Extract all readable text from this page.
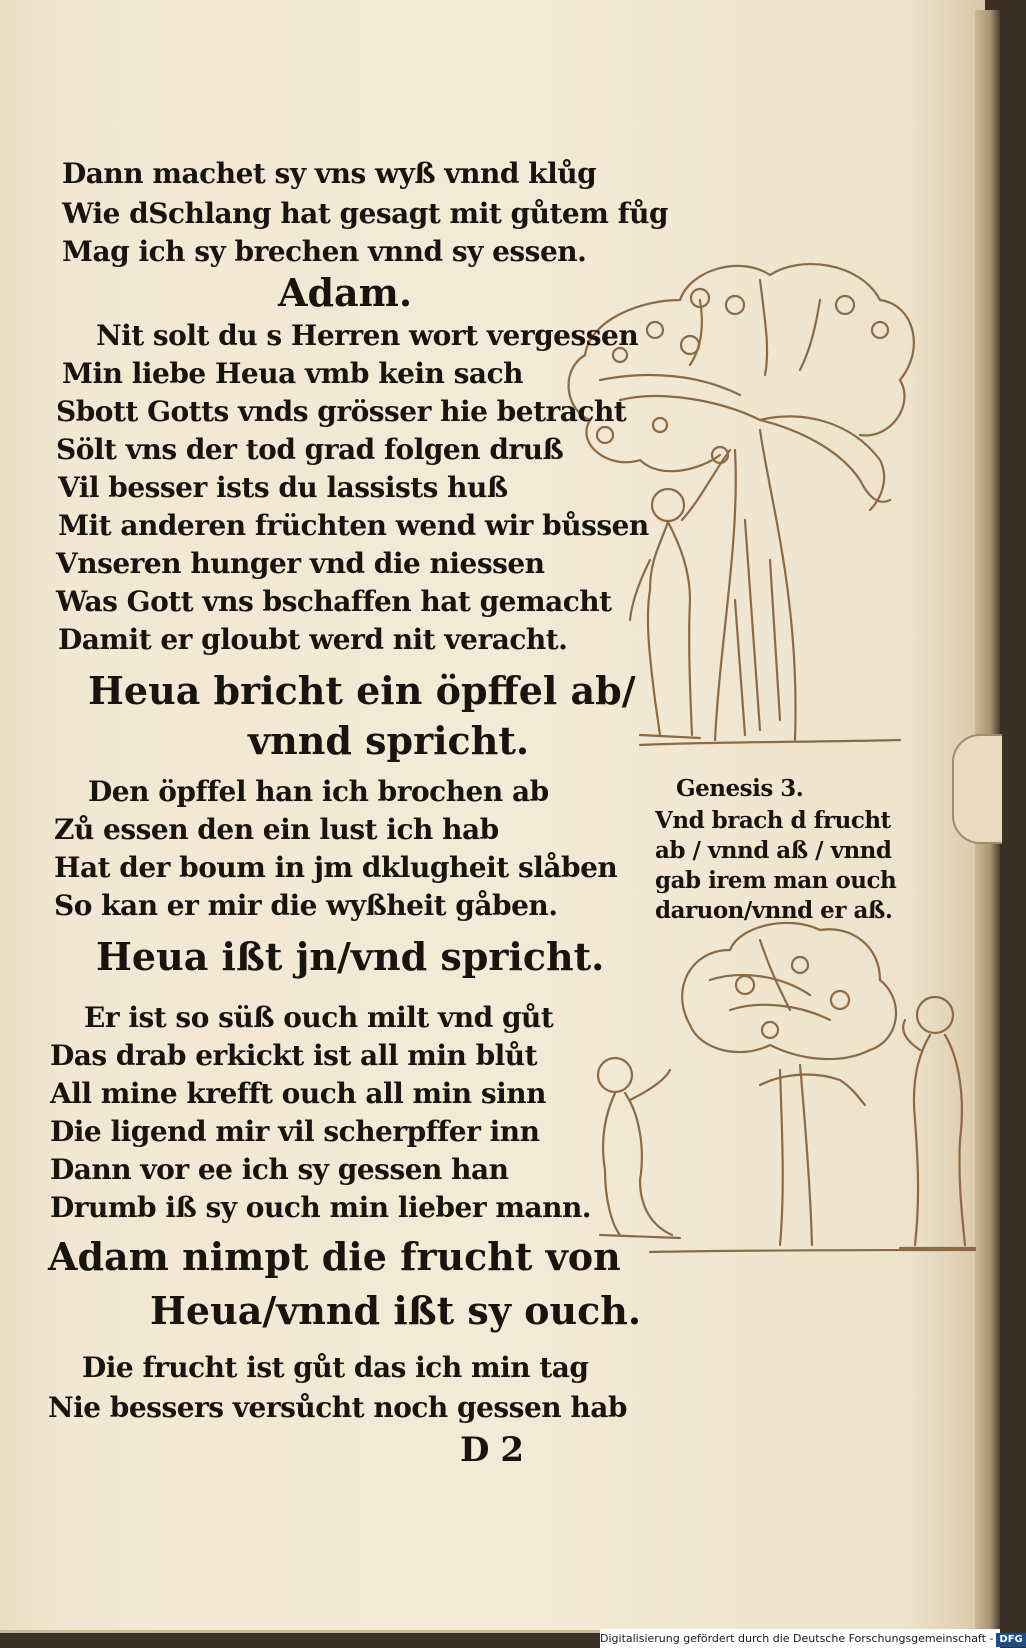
Dann machet sy vns wyß vnnd klůg
Wie dSchlang hat gesagt mit gůtem fůg
Mag ich sy brechen vnnd sy essen.
Adam.
Nit solt du s Herren wort vergessen
Min liebe Heua vmb kein sach
Sbott Gotts vnds grösser hie betracht
Sölt vns der tod grad folgen druß
Vil besser ists du lassists huß
Mit anderen früchten wend wir bůssen
Vnseren hunger vnd die niessen
Was Gott vns bschaffen hat gemacht
Damit er gloubt werd nit veracht.
Heua bricht ein öpffel ab/
vnnd spricht.
Den öpffel han ich brochen ab
Zů essen den ein lust ich hab
Hat der boum in jm dklugheit slåben
So kan er mir die wyßheit gåben.
Genesis 3.
Vnd brach d frucht
ab / vnnd aß / vnnd
gab irem man ouch
daruon/vnnd er aß.
Heua ißt jn/vnd spricht.
Er ist so süß ouch milt vnd gůt
Das drab erkickt ist all min blůt
All mine krefft ouch all min sinn
Die ligend mir vil scherpffer inn
Dann vor ee ich sy gessen han
Drumb iß sy ouch min lieber mann.
Adam nimpt die frucht von
Heua/vnnd ißt sy ouch.
Die frucht ist gůt das ich min tag
Nie bessers versůcht noch gessen hab
D 2
Digitalisierung gefördert durch die Deutsche Forschungsgemeinschaft - DFG
